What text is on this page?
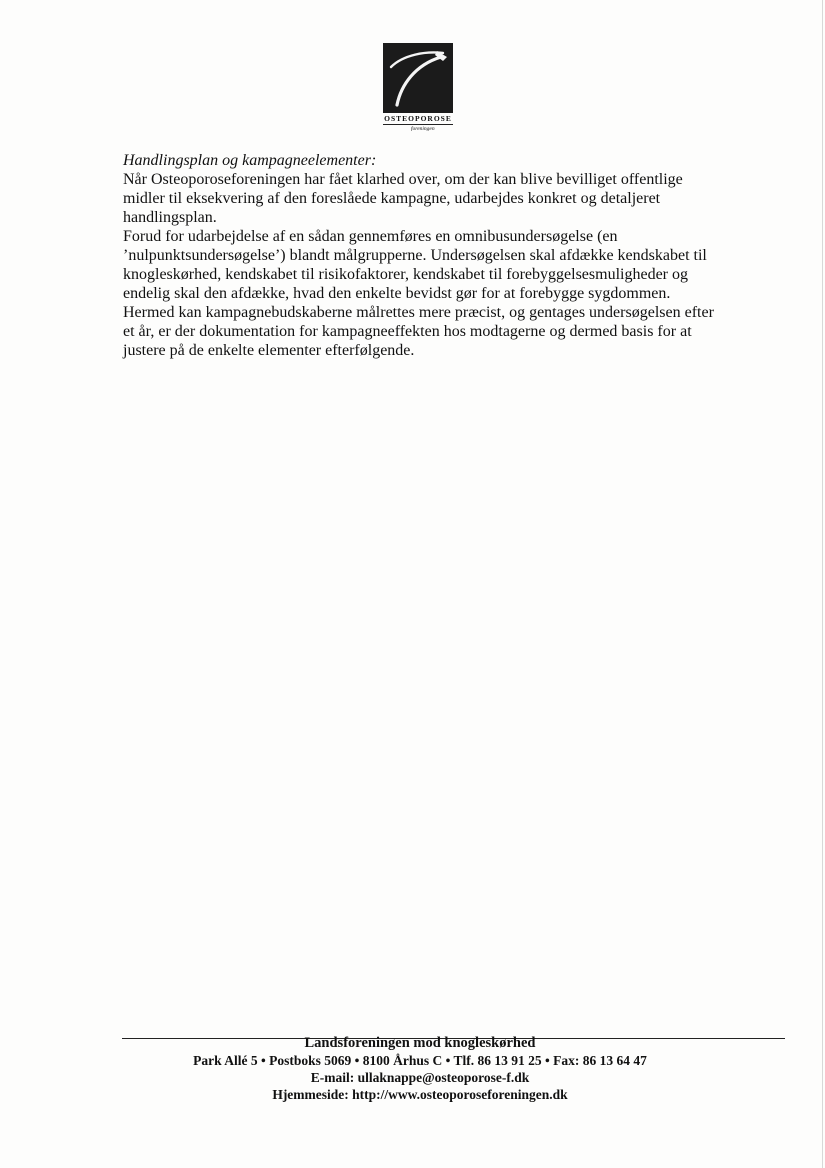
OSTEOPOROSE
foreningen

Handlingsplan og kampagneelementer:

Når Osteoporoseforeningen har fået klarhed over, om der kan blive bevilliget offentlige midler til eksekvering af den foreslåede kampagne, udarbejdes konkret og detaljeret handlingsplan.

Forud for udarbejdelse af en sådan gennemføres en omnibusundersøgelse (en ’nulpunktsundersøgelse’) blandt målgrupperne. Undersøgelsen skal afdække kendskabet til knogleskørhed, kendskabet til risikofaktorer, kendskabet til forebyggelsesmuligheder og endelig skal den afdække, hvad den enkelte bevidst gør for at forebygge sygdommen. Hermed kan kampagnebudskaberne målrettes mere præcist, og gentages undersøgelsen efter et år, er der dokumentation for kampagneeffekten hos modtagerne og dermed basis for at justere på de enkelte elementer efterfølgende.

Landsforeningen mod knogleskørhed
Park Allé 5 • Postboks 5069 • 8100 Århus C • Tlf. 86 13 91 25 • Fax: 86 13 64 47
E-mail: ullaknappe@osteoporose-f.dk
Hjemmeside: http://www.osteoporoseforeningen.dk
